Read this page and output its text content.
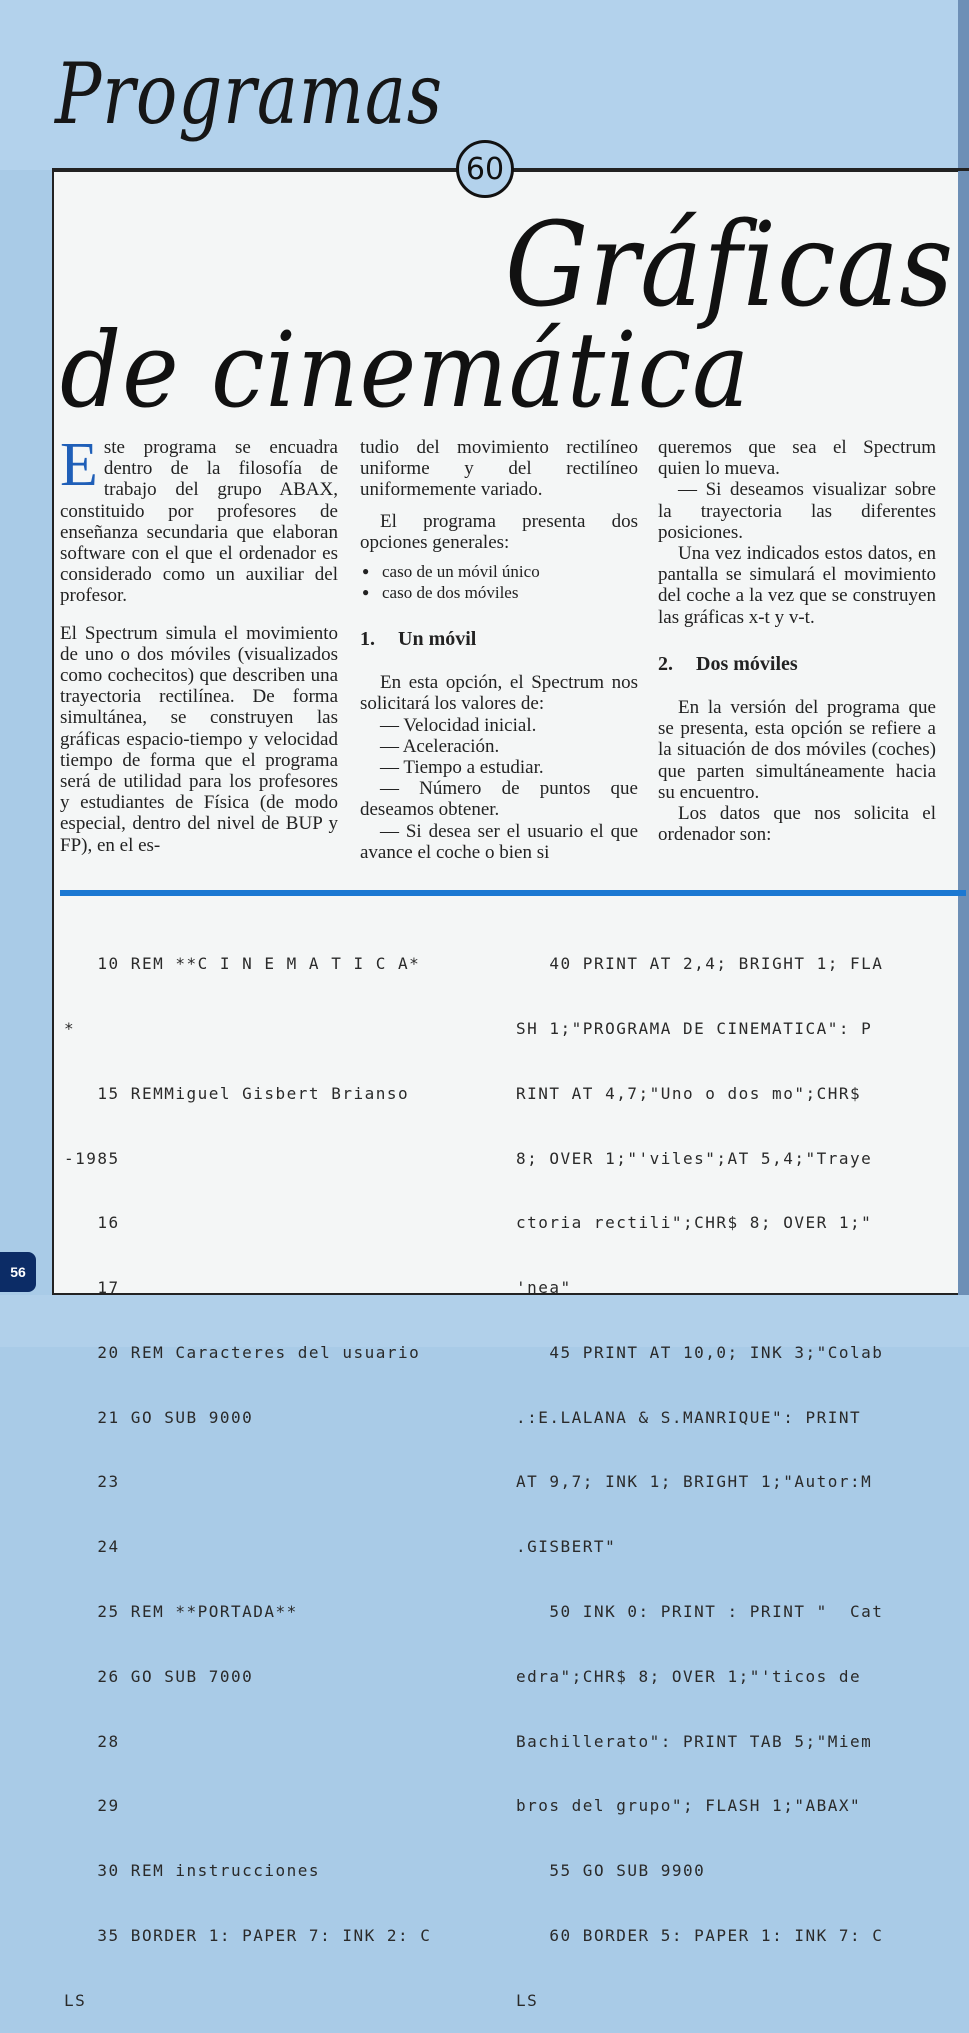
Programas
60
Gráficas
de cinemática

Este programa se encuadra dentro de la filosofía de trabajo del grupo ABAX, constituido por profesores de enseñanza secundaria que elaboran software con el que el ordenador es considerado como un auxiliar del profesor.

El Spectrum simula el movimiento de uno o dos móviles (visualizados como cochecitos) que describen una trayectoria rectilínea. De forma simultánea, se construyen las gráficas espacio-tiempo y velocidad tiempo de forma que el programa será de utilidad para los profesores y estudiantes de Física (de modo especial, dentro del nivel de BUP y FP), en el es-

tudio del movimiento rectilíneo uniforme y del rectilíneo uniformemente variado.

El programa presenta dos opciones generales:

● caso de un móvil único
● caso de dos móviles

1. Un móvil

En esta opción, el Spectrum nos solicitará los valores de:

— Velocidad inicial.

— Aceleración.

— Tiempo a estudiar.

— Número de puntos que deseamos obtener.

— Si desea ser el usuario el que avance el coche o bien si

queremos que sea el Spectrum quien lo mueva.

— Si deseamos visualizar sobre la trayectoria las diferentes posiciones.

Una vez indicados estos datos, en pantalla se simulará el movimiento del coche a la vez que se construyen las gráficas x-t y v-t.

2. Dos móviles

En la versión del programa que se presenta, esta opción se refiere a la situación de dos móviles (coches) que parten simultáneamente hacia su encuentro.

Los datos que nos solicita el ordenador son:

10 REM **C I N E M A T I C A*

*

15 REMMiguel Gisbert Brianso

-1985

16

17

20 REM Caracteres del usuario

21 GO SUB 9000

23

24

25 REM **PORTADA**

26 GO SUB 7000

28

29

30 REM instrucciones

35 BORDER 1: PAPER 7: INK 2: C

LS

40 PRINT AT 2,4; BRIGHT 1; FLA

SH 1;"PROGRAMA DE CINEMATICA": P

RINT AT 4,7;"Uno o dos mo";CHR$

8; OVER 1;"'viles";AT 5,4;"Traye

ctoria rectili";CHR$ 8; OVER 1;"

'nea"

45 PRINT AT 10,0; INK 3;"Colab

.:E.LALANA & S.MANRIQUE": PRINT

AT 9,7; INK 1; BRIGHT 1;"Autor:M

.GISBERT"

50 INK 0: PRINT : PRINT "  Cat

edra";CHR$ 8; OVER 1;"'ticos de

Bachillerato": PRINT TAB 5;"Miem

bros del grupo"; FLASH 1;"ABAX"

55 GO SUB 9900

60 BORDER 5: PAPER 1: INK 7: C

LS

56
